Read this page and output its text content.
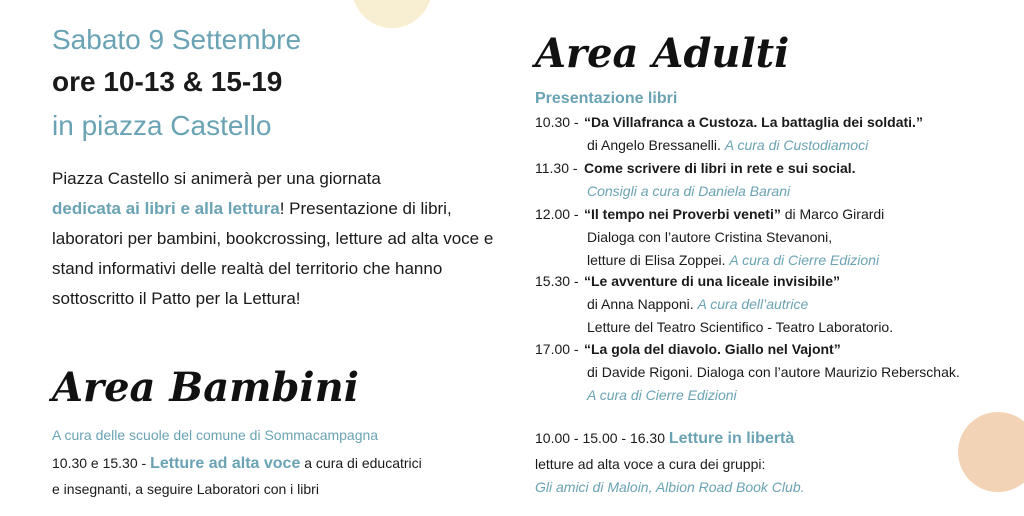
Sabato 9 Settembre
ore 10-13 & 15-19
in piazza Castello
Piazza Castello si animerà per una giornata
dedicata ai libri e alla lettura! Presentazione di libri, laboratori per bambini, bookcrossing, letture ad alta voce e stand informativi delle realtà del territorio che hanno sottoscritto il Patto per la Lettura!
Area Bambini
A cura delle scuole del comune di Sommacampagna
10.30 e 15.30 - Letture ad alta voce a cura di educatrici
e insegnanti, a seguire Laboratori con i libri
Area Adulti
Presentazione libri
10.30 - “Da Villafranca a Custoza. La battaglia dei soldati.”
di Angelo Bressanelli. A cura di Custodiamoci
11.30 - Come scrivere di libri in rete e sui social.
Consigli a cura di Daniela Barani
12.00 - “Il tempo nei Proverbi veneti” di Marco Girardi
Dialoga con l’autore Cristina Stevanoni,
letture di Elisa Zoppei. A cura di Cierre Edizioni
15.30 - “Le avventure di una liceale invisibile”
di Anna Napponi. A cura dell’autrice
Letture del Teatro Scientifico - Teatro Laboratorio.
17.00 - “La gola del diavolo. Giallo nel Vajont”
di Davide Rigoni. Dialoga con l’autore Maurizio Reberschak.
A cura di Cierre Edizioni
10.00 - 15.00 - 16.30 Letture in libertà
letture ad alta voce a cura dei gruppi:
Gli amici di Maloin, Albion Road Book Club.
